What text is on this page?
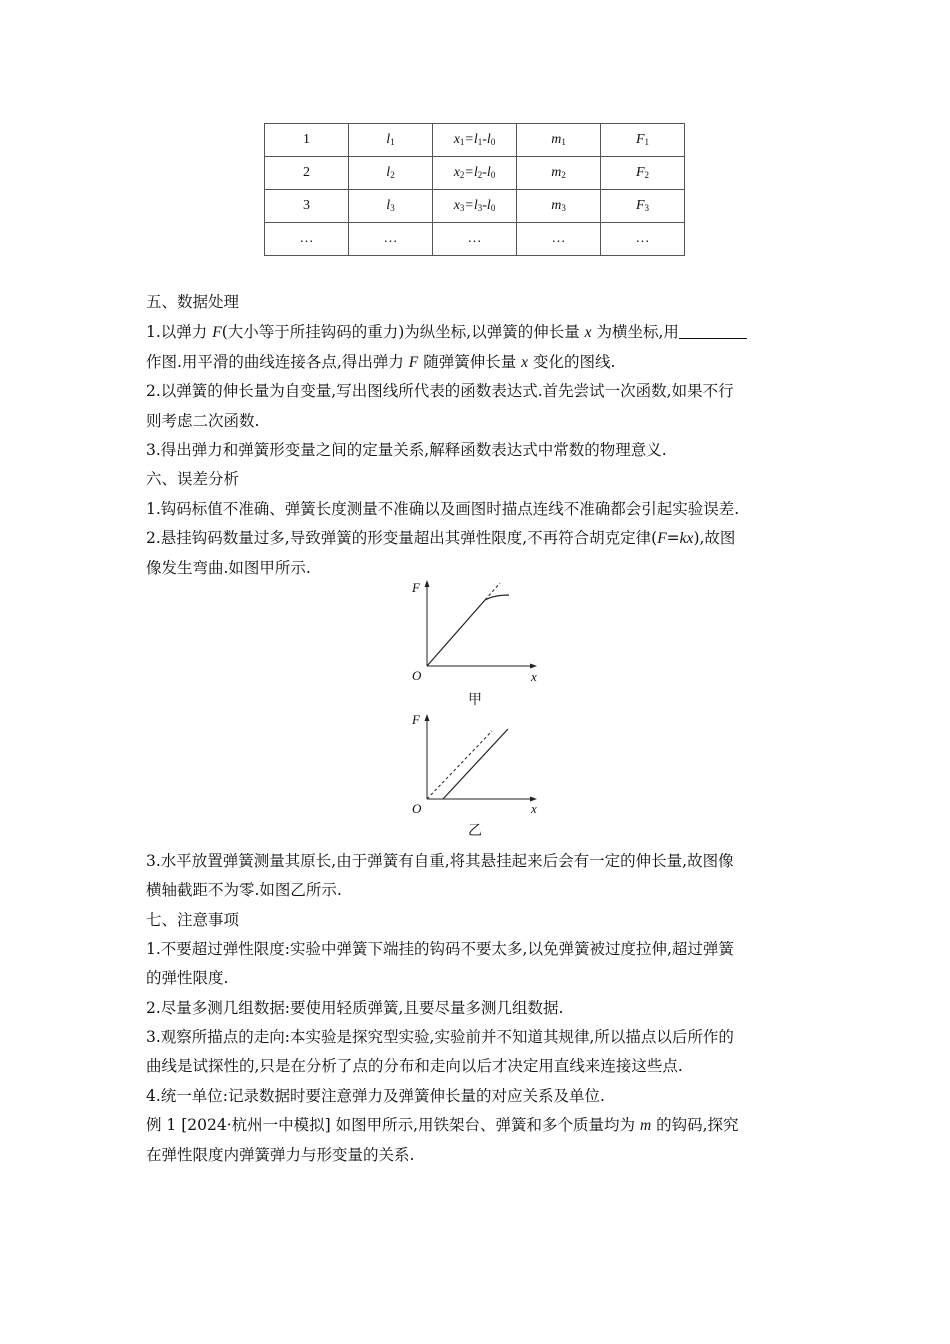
1	$l_1$	$x_1=l_1-l_0$	$m_1$	$F_1$
2	$l_2$	$x_2=l_2-l_0$	$m_2$	$F_2$
3	$l_3$	$x_3=l_3-l_0$	$m_3$	$F_3$
…	…	…	…	…
五、数据处理
1.以弹力 F(大小等于所挂钩码的重力)为纵坐标,以弹簧的伸长量 x 为横坐标,用
作图.用平滑的曲线连接各点,得出弹力 F 随弹簧伸长量 x 变化的图线.
2.以弹簧的伸长量为自变量,写出图线所代表的函数表达式.首先尝试一次函数,如果不行
则考虑二次函数.
3.得出弹力和弹簧形变量之间的定量关系,解释函数表达式中常数的物理意义.
六、误差分析
1.钩码标值不准确、弹簧长度测量不准确以及画图时描点连线不准确都会引起实验误差.
2.悬挂钩码数量过多,导致弹簧的形变量超出其弹性限度,不再符合胡克定律(F=kx),故图
像发生弯曲.如图甲所示.
F
O	x
甲
F
O	x
乙
3.水平放置弹簧测量其原长,由于弹簧有自重,将其悬挂起来后会有一定的伸长量,故图像
横轴截距不为零.如图乙所示.
七、注意事项
1.不要超过弹性限度:实验中弹簧下端挂的钩码不要太多,以免弹簧被过度拉伸,超过弹簧
的弹性限度.
2.尽量多测几组数据:要使用轻质弹簧,且要尽量多测几组数据.
3.观察所描点的走向:本实验是探究型实验,实验前并不知道其规律,所以描点以后所作的
曲线是试探性的,只是在分析了点的分布和走向以后才决定用直线来连接这些点.
4.统一单位:记录数据时要注意弹力及弹簧伸长量的对应关系及单位.
例 1 [2024·杭州一中模拟] 如图甲所示,用铁架台、弹簧和多个质量均为 m 的钩码,探究
在弹性限度内弹簧弹力与形变量的关系.
